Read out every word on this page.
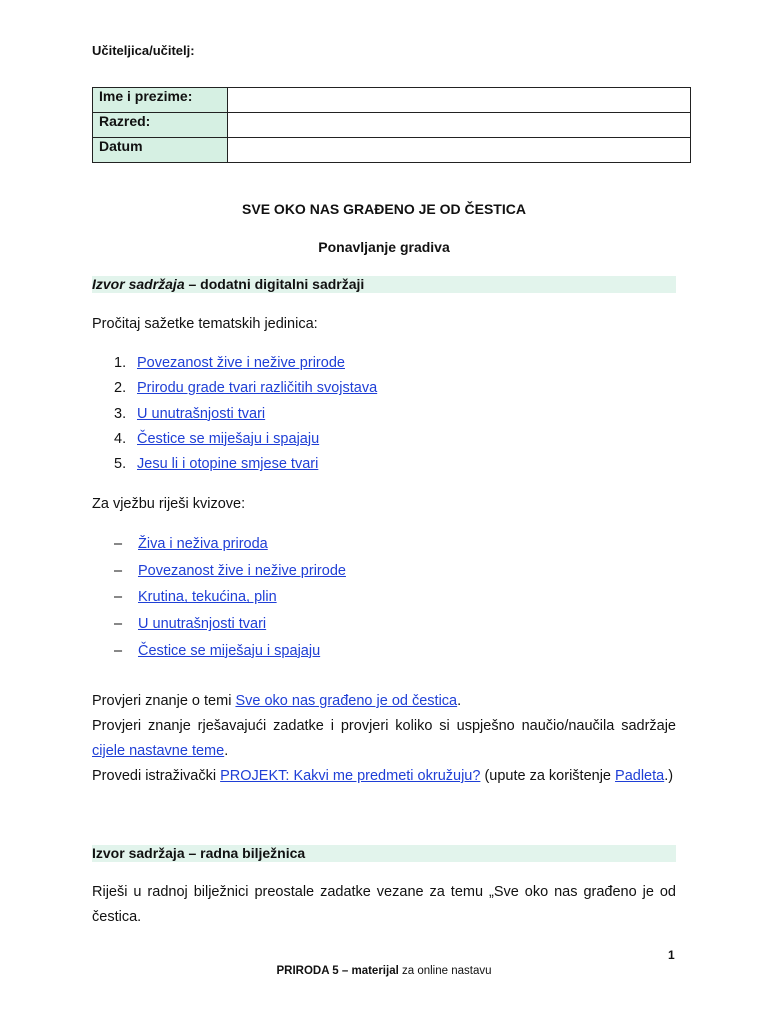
Učiteljica/učitelj:
Ime i prezime:	
Razred:	
Datum	
SVE OKO NAS GRAĐENO JE OD ČESTICA
Ponavljanje gradiva
Izvor sadržaja – dodatni digitalni sadržaji
Pročitaj sažetke tematskih jedinica:
1. Povezanost žive i nežive prirode
2. Prirodu grade tvari različitih svojstava
3. U unutrašnjosti tvari
4. Čestice se miješaju i spajaju
5. Jesu li i otopine smjese tvari
Za vježbu riješi kvizove:
– Živa i neživa priroda
– Povezanost žive i nežive prirode
– Krutina, tekućina, plin
– U unutrašnjosti tvari
– Čestice se miješaju i spajaju
Provjeri znanje o temi Sve oko nas građeno je od čestica.
Provjeri znanje rješavajući zadatke i provjeri koliko si uspješno naučio/naučila sadržaje cijele nastavne teme.
Provedi istraživački PROJEKT: Kakvi me predmeti okružuju? (upute za korištenje Padleta.)
Izvor sadržaja – radna bilježnica
Riješi u radnoj bilježnici preostale zadatke vezane za temu „Sve oko nas građeno je od čestica.
1
PRIRODA 5 – materijal za online nastavu
